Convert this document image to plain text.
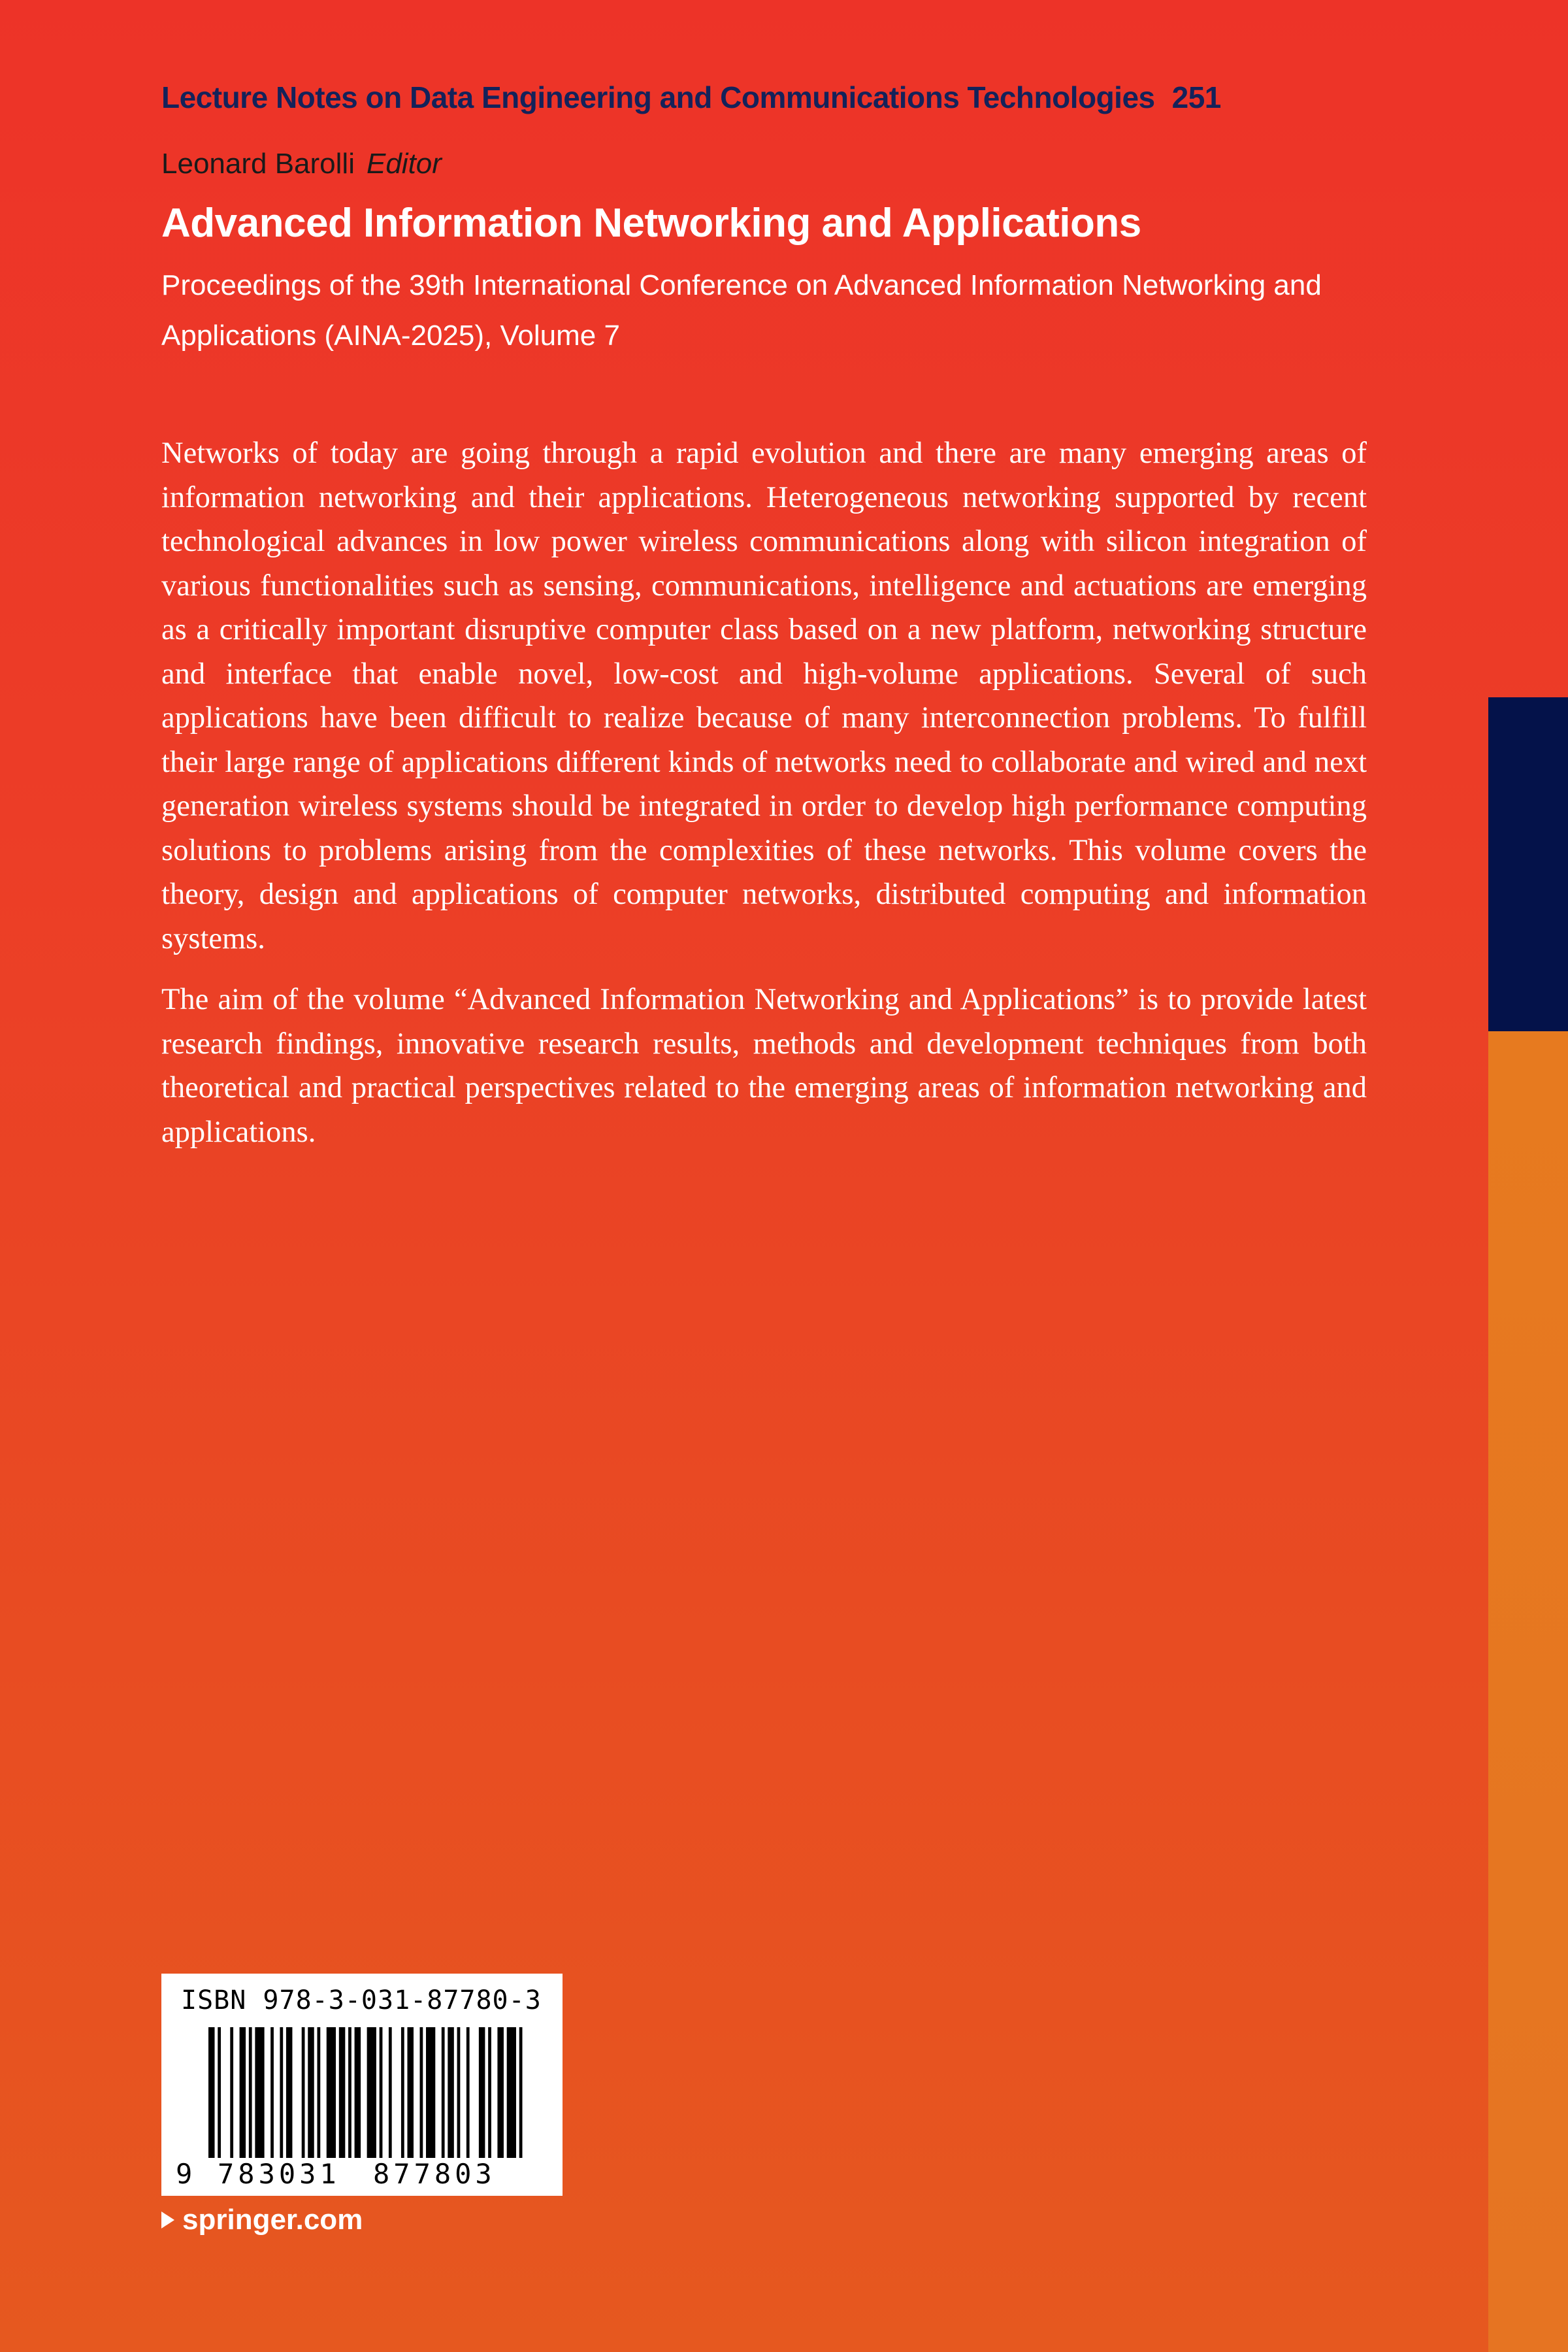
Lecture Notes on Data Engineering and Communications Technologies 251
Leonard Barolli Editor
Advanced Information Networking and Applications
Proceedings of the 39th International Conference on Advanced Information Networking and
Applications (AINA-2025), Volume 7

Networks of today are going through a rapid evolution and there are many emerging areas of information networking and their applications. Heterogeneous networking supported by recent technological advances in low power wireless communications along with silicon integration of various functionalities such as sensing, communications, intelligence and actuations are emerging as a critically important disruptive computer class based on a new platform, networking structure and interface that enable novel, low-cost and high-volume applications. Several of such applications have been difficult to realize because of many interconnection problems. To fulfill their large range of applications different kinds of networks need to collaborate and wired and next generation wireless systems should be integrated in order to develop high performance computing solutions to problems arising from the complexities of these networks. This volume covers the theory, design and applications of computer networks, distributed computing and information systems.

The aim of the volume “Advanced Information Networking and Applications” is to provide latest research findings, innovative research results, methods and development techniques from both theoretical and practical perspectives related to the emerging areas of information networking and applications.

ISBN 978-3-031-87780-3
9 783031 877803
springer.com
